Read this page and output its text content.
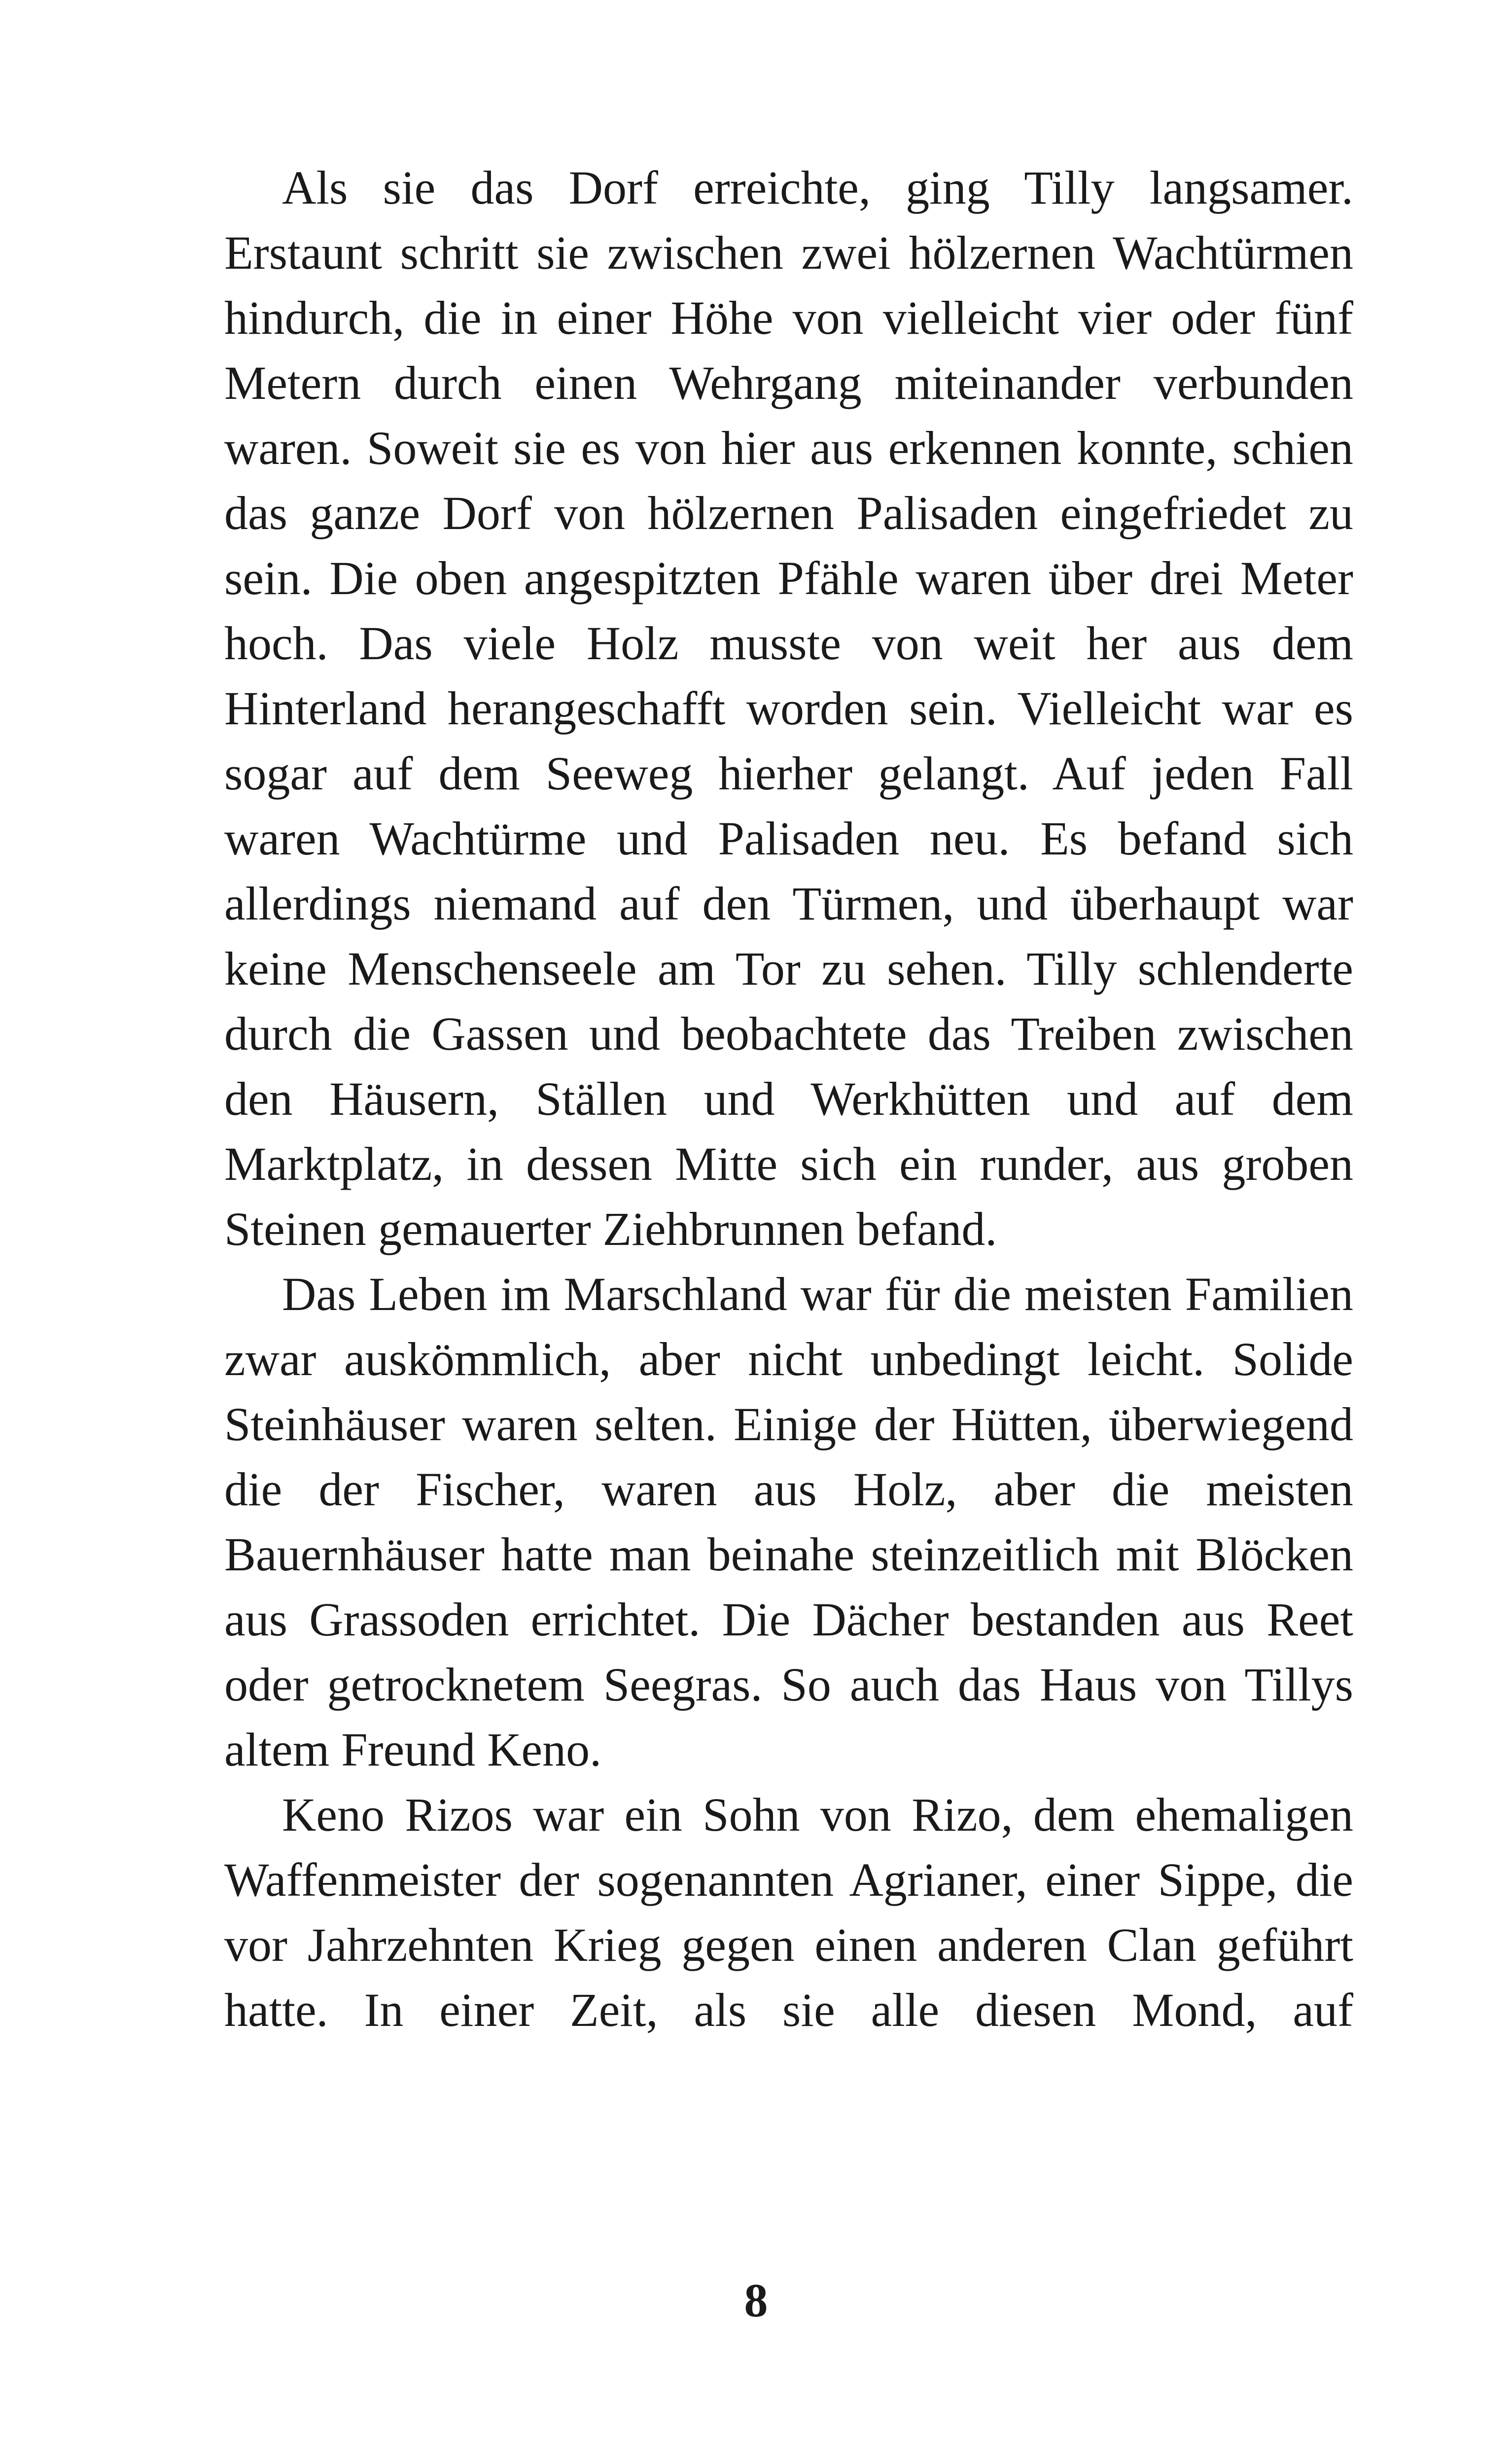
Als sie das Dorf erreichte, ging Tilly langsamer. Erstaunt schritt sie zwischen zwei hölzernen Wachtürmen hindurch, die in einer Höhe von vielleicht vier oder fünf Metern durch einen Wehrgang miteinander verbunden waren. Soweit sie es von hier aus erkennen konnte, schien das ganze Dorf von hölzernen Palisaden eingefriedet zu sein. Die oben angespitzten Pfähle waren über drei Meter hoch. Das viele Holz musste von weit her aus dem Hinterland herangeschafft worden sein. Vielleicht war es sogar auf dem Seeweg hierher gelangt. Auf jeden Fall waren Wachtürme und Palisaden neu. Es befand sich allerdings niemand auf den Türmen, und überhaupt war keine Menschenseele am Tor zu sehen. Tilly schlenderte durch die Gassen und beobachtete das Treiben zwischen den Häusern, Ställen und Werkhütten und auf dem Marktplatz, in dessen Mitte sich ein runder, aus groben Steinen gemauerter Ziehbrunnen befand.

Das Leben im Marschland war für die meisten Familien zwar auskömmlich, aber nicht unbedingt leicht. Solide Steinhäuser waren selten. Einige der Hütten, überwiegend die der Fischer, waren aus Holz, aber die meisten Bauernhäuser hatte man beinahe steinzeitlich mit Blöcken aus Grassoden errichtet. Die Dächer bestanden aus Reet oder getrocknetem Seegras. So auch das Haus von Tillys altem Freund Keno.

Keno Rizos war ein Sohn von Rizo, dem ehemaligen Waffenmeister der sogenannten Agrianer, einer Sippe, die vor Jahrzehnten Krieg gegen einen anderen Clan geführt hatte. In einer Zeit, als sie alle diesen Mond, auf

8
